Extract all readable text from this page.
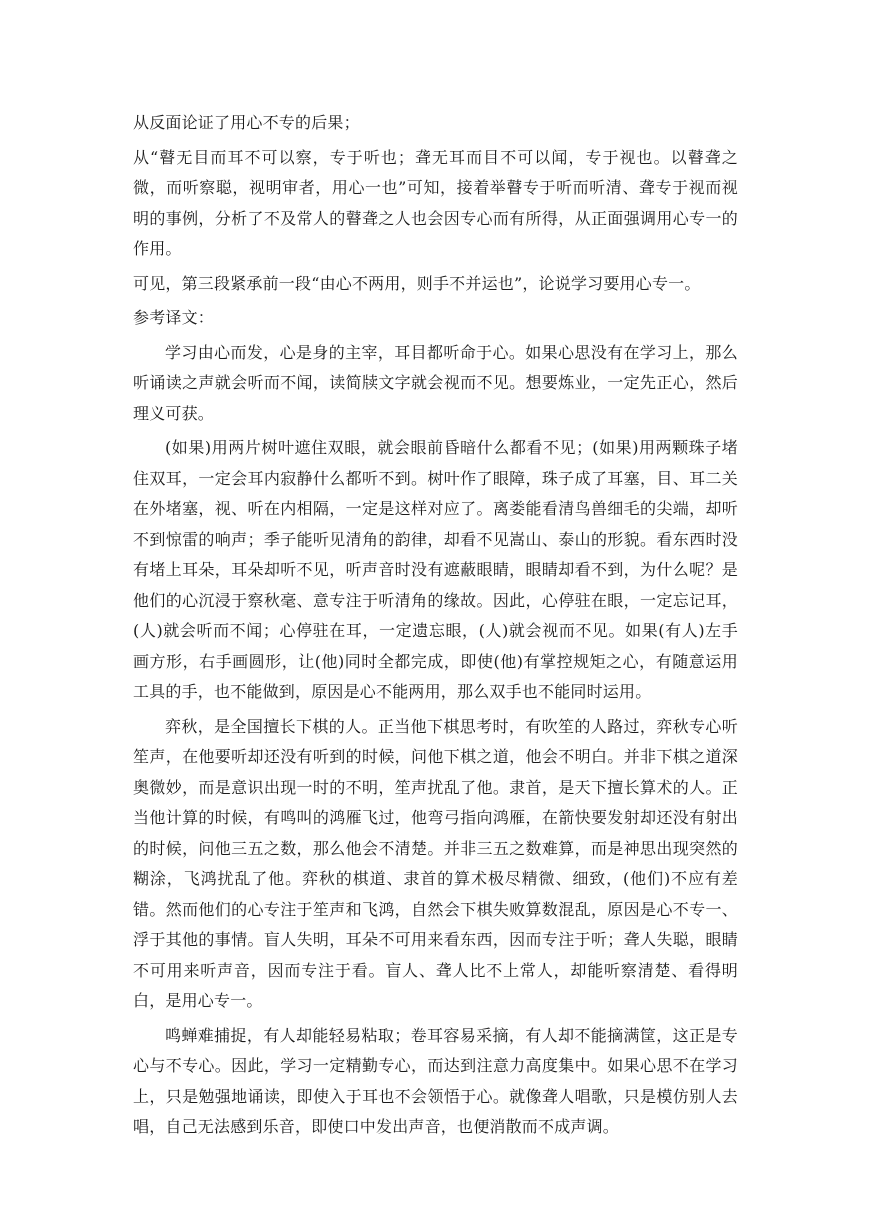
从反面论证了用心不专的后果；

从“瞽无目而耳不可以察，专于听也；聋无耳而目不可以闻，专于视也。以瞽聋之微，而听察聪，视明审者，用心一也”可知，接着举瞽专于听而听清、聋专于视而视明的事例，分析了不及常人的瞽聋之人也会因专心而有所得，从正面强调用心专一的作用。

可见，第三段紧承前一段“由心不两用，则手不并运也”，论说学习要用心专一。

参考译文：

学习由心而发，心是身的主宰，耳目都听命于心。如果心思没有在学习上，那么听诵读之声就会听而不闻，读简牍文字就会视而不见。想要炼业，一定先正心，然后理义可获。

(如果)用两片树叶遮住双眼，就会眼前昏暗什么都看不见；(如果)用两颗珠子堵住双耳，一定会耳内寂静什么都听不到。树叶作了眼障，珠子成了耳塞，目、耳二关在外堵塞，视、听在内相隔，一定是这样对应了。离娄能看清鸟兽细毛的尖端，却听不到惊雷的响声；季子能听见清角的韵律，却看不见嵩山、泰山的形貌。看东西时没有堵上耳朵，耳朵却听不见，听声音时没有遮蔽眼睛，眼睛却看不到，为什么呢？是他们的心沉浸于察秋毫、意专注于听清角的缘故。因此，心停驻在眼，一定忘记耳，(人)就会听而不闻；心停驻在耳，一定遗忘眼，(人)就会视而不见。如果(有人)左手画方形，右手画圆形，让(他)同时全都完成，即使(他)有掌控规矩之心，有随意运用工具的手，也不能做到，原因是心不能两用，那么双手也不能同时运用。

弈秋，是全国擅长下棋的人。正当他下棋思考时，有吹笙的人路过，弈秋专心听笙声，在他要听却还没有听到的时候，问他下棋之道，他会不明白。并非下棋之道深奥微妙，而是意识出现一时的不明，笙声扰乱了他。隶首，是天下擅长算术的人。正当他计算的时候，有鸣叫的鸿雁飞过，他弯弓指向鸿雁，在箭快要发射却还没有射出的时候，问他三五之数，那么他会不清楚。并非三五之数难算，而是神思出现突然的糊涂，飞鸿扰乱了他。弈秋的棋道、隶首的算术极尽精微、细致，(他们)不应有差错。然而他们的心专注于笙声和飞鸿，自然会下棋失败算数混乱，原因是心不专一、浮于其他的事情。盲人失明，耳朵不可用来看东西，因而专注于听；聋人失聪，眼睛不可用来听声音，因而专注于看。盲人、聋人比不上常人，却能听察清楚、看得明白，是用心专一。

鸣蝉难捕捉，有人却能轻易粘取；卷耳容易采摘，有人却不能摘满筐，这正是专心与不专心。因此，学习一定精勤专心，而达到注意力高度集中。如果心思不在学习上，只是勉强地诵读，即使入于耳也不会领悟于心。就像聋人唱歌，只是模仿别人去唱，自己无法感到乐音，即使口中发出声音，也便消散而不成声调。
